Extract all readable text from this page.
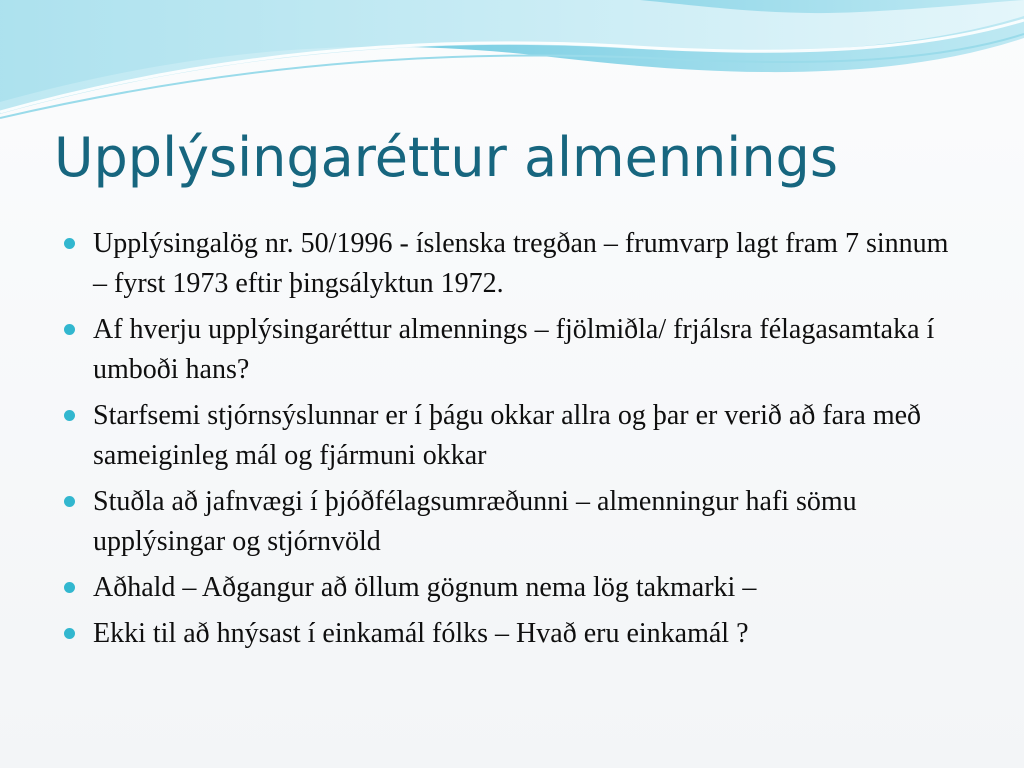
Upplýsingaréttur almennings
Upplýsingalög nr. 50/1996 - íslenska tregðan – frumvarp lagt fram 7 sinnum – fyrst 1973 eftir þingsályktun 1972.
Af hverju upplýsingaréttur almennings – fjölmiðla/ frjálsra félagasamtaka í umboði hans?
Starfsemi stjórnsýslunnar er í þágu okkar allra og þar er verið að fara með sameiginleg mál og fjármuni okkar
Stuðla að jafnvægi í þjóðfélagsumræðunni – almenningur hafi sömu upplýsingar og stjórnvöld
Aðhald – Aðgangur að öllum gögnum nema lög takmarki –
Ekki til að hnýsast í einkamál fólks – Hvað eru einkamál ?
